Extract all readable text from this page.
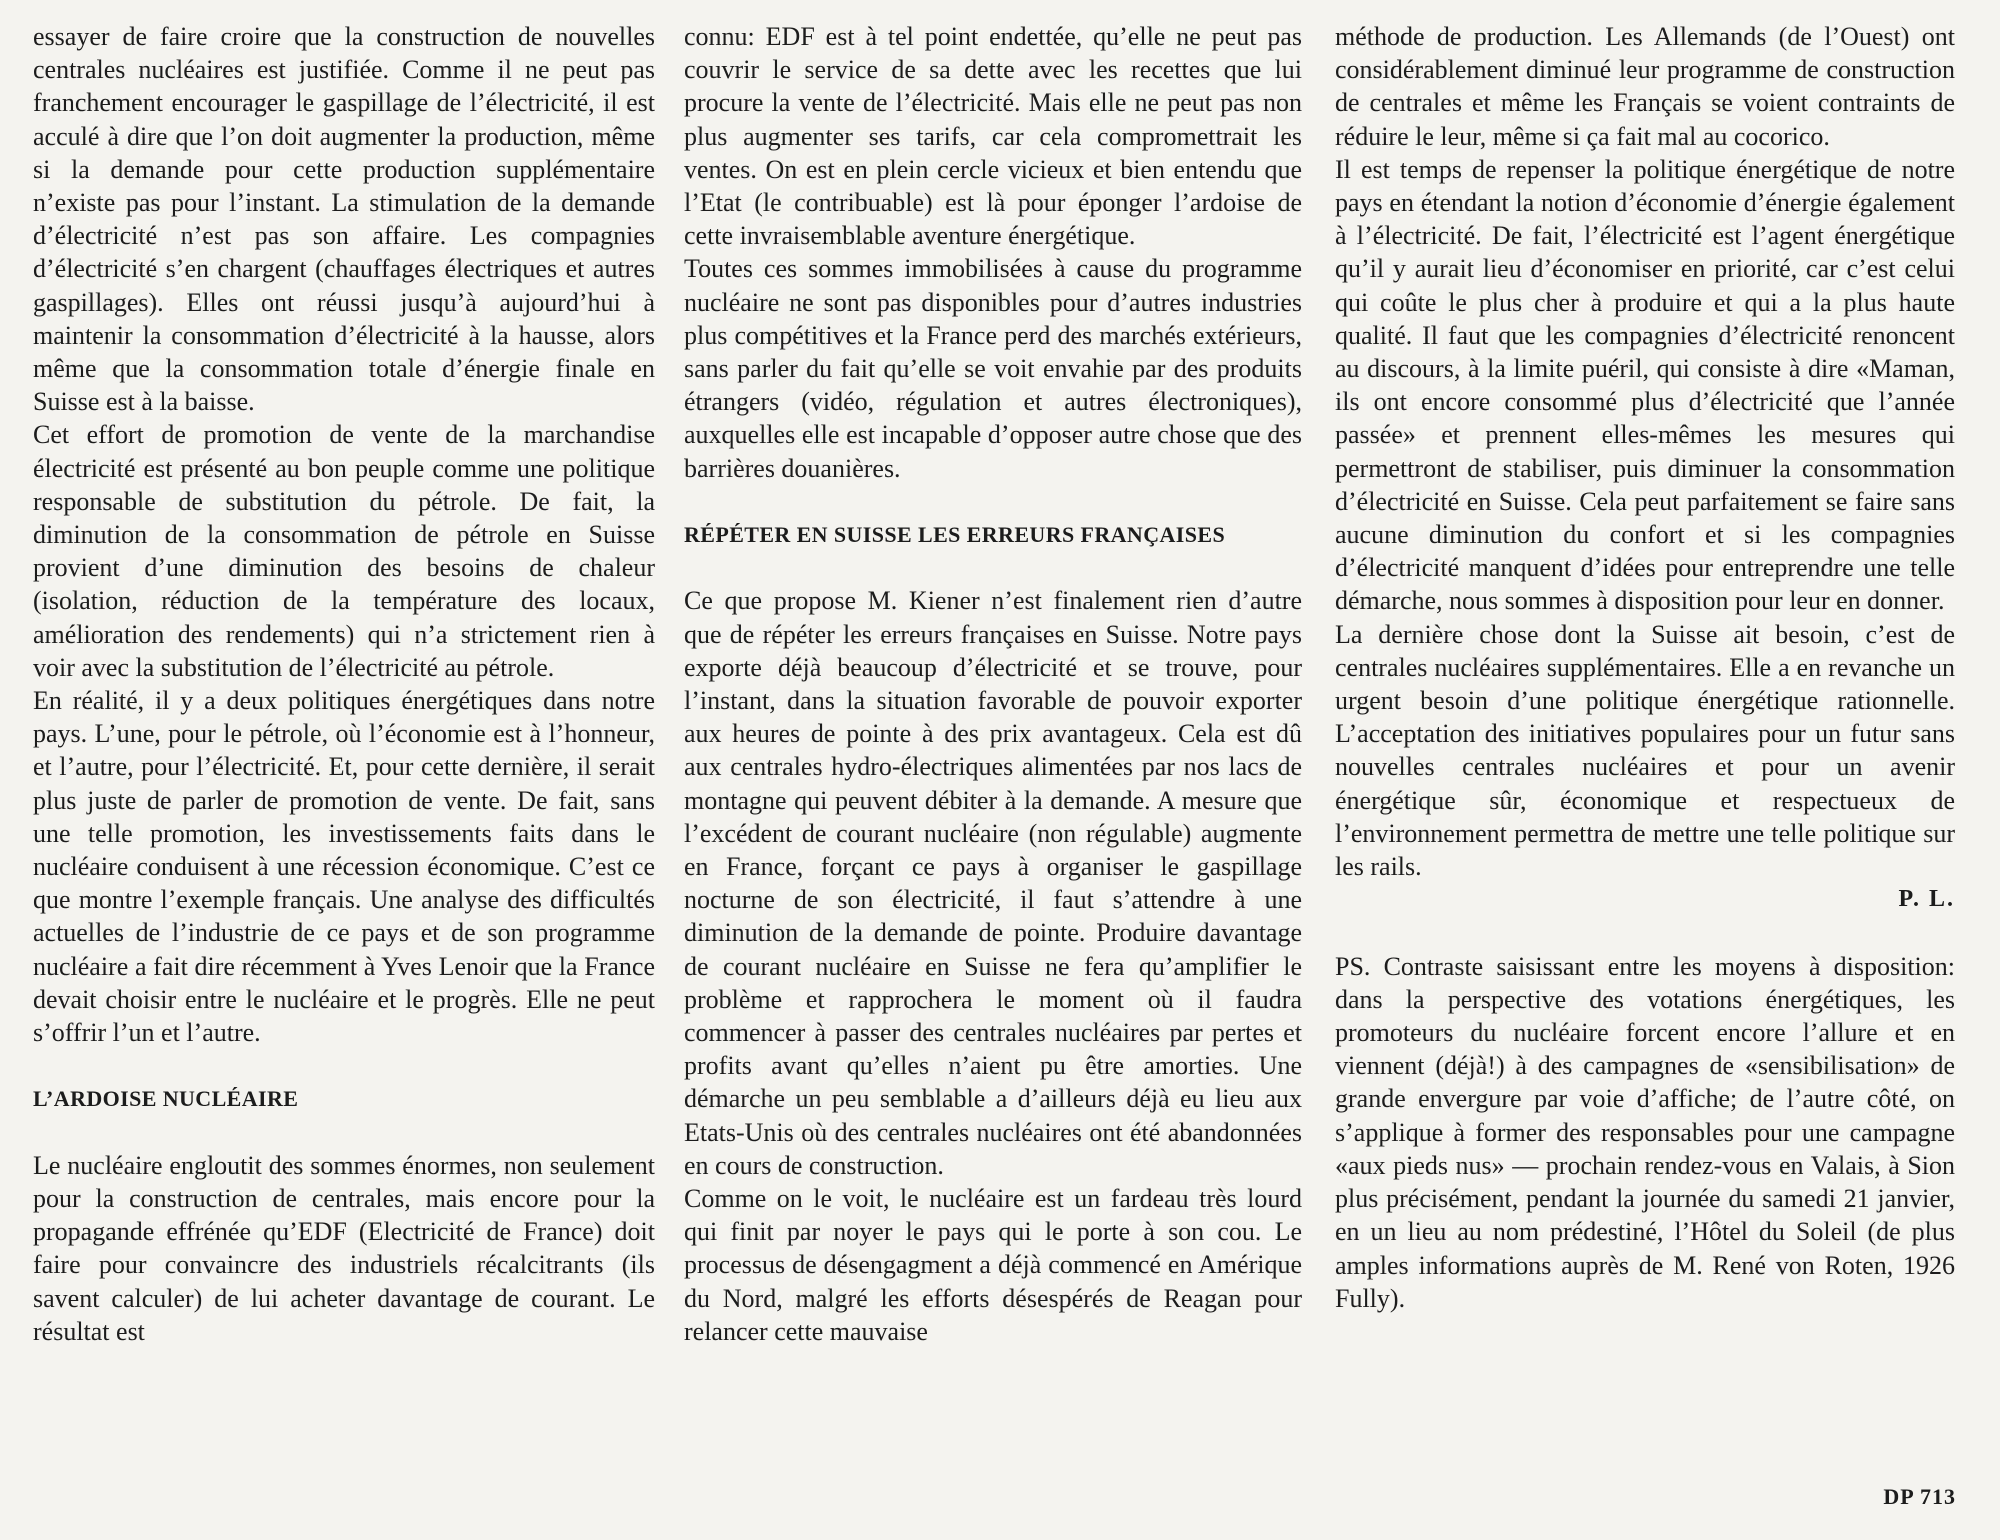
essayer de faire croire que la construction de nouvelles centrales nucléaires est justifiée. Comme il ne peut pas franchement encourager le gaspillage de l’électricité, il est acculé à dire que l’on doit augmenter la production, même si la demande pour cette production supplémentaire n’existe pas pour l’instant. La stimulation de la demande d’électricité n’est pas son affaire. Les compagnies d’électricité s’en chargent (chauffages électriques et autres gaspillages). Elles ont réussi jusqu’à aujourd’hui à maintenir la consommation d’électricité à la hausse, alors même que la consommation totale d’énergie finale en Suisse est à la baisse.

Cet effort de promotion de vente de la marchandise électricité est présenté au bon peuple comme une politique responsable de substitution du pétrole. De fait, la diminution de la consommation de pétrole en Suisse provient d’une diminution des besoins de chaleur (isolation, réduction de la température des locaux, amélioration des rendements) qui n’a strictement rien à voir avec la substitution de l’électricité au pétrole.

En réalité, il y a deux politiques énergétiques dans notre pays. L’une, pour le pétrole, où l’économie est à l’honneur, et l’autre, pour l’électricité. Et, pour cette dernière, il serait plus juste de parler de promotion de vente. De fait, sans une telle promotion, les investissements faits dans le nucléaire conduisent à une récession économique. C’est ce que montre l’exemple français. Une analyse des difficultés actuelles de l’industrie de ce pays et de son programme nucléaire a fait dire récemment à Yves Lenoir que la France devait choisir entre le nucléaire et le progrès. Elle ne peut s’offrir l’un et l’autre.

L’ARDOISE NUCLÉAIRE

Le nucléaire engloutit des sommes énormes, non seulement pour la construction de centrales, mais encore pour la propagande effrénée qu’EDF (Electricité de France) doit faire pour convaincre des industriels récalcitrants (ils savent calculer) de lui acheter davantage de courant. Le résultat est

connu: EDF est à tel point endettée, qu’elle ne peut pas couvrir le service de sa dette avec les recettes que lui procure la vente de l’électricité. Mais elle ne peut pas non plus augmenter ses tarifs, car cela compromettrait les ventes. On est en plein cercle vicieux et bien entendu que l’Etat (le contribuable) est là pour éponger l’ardoise de cette invraisemblable aventure énergétique.

Toutes ces sommes immobilisées à cause du programme nucléaire ne sont pas disponibles pour d’autres industries plus compétitives et la France perd des marchés extérieurs, sans parler du fait qu’elle se voit envahie par des produits étrangers (vidéo, régulation et autres électroniques), auxquelles elle est incapable d’opposer autre chose que des barrières douanières.

RÉPÉTER EN SUISSE LES ERREURS FRANÇAISES

Ce que propose M. Kiener n’est finalement rien d’autre que de répéter les erreurs françaises en Suisse. Notre pays exporte déjà beaucoup d’électricité et se trouve, pour l’instant, dans la situation favorable de pouvoir exporter aux heures de pointe à des prix avantageux. Cela est dû aux centrales hydro-électriques alimentées par nos lacs de montagne qui peuvent débiter à la demande. A mesure que l’excédent de courant nucléaire (non régulable) augmente en France, forçant ce pays à organiser le gaspillage nocturne de son électricité, il faut s’attendre à une diminution de la demande de pointe. Produire davantage de courant nucléaire en Suisse ne fera qu’amplifier le problème et rapprochera le moment où il faudra commencer à passer des centrales nucléaires par pertes et profits avant qu’elles n’aient pu être amorties. Une démarche un peu semblable a d’ailleurs déjà eu lieu aux Etats-Unis où des centrales nucléaires ont été abandonnées en cours de construction.

Comme on le voit, le nucléaire est un fardeau très lourd qui finit par noyer le pays qui le porte à son cou. Le processus de désengagment a déjà commencé en Amérique du Nord, malgré les efforts désespérés de Reagan pour relancer cette mauvaise

méthode de production. Les Allemands (de l’Ouest) ont considérablement diminué leur programme de construction de centrales et même les Français se voient contraints de réduire le leur, même si ça fait mal au cocorico.

Il est temps de repenser la politique énergétique de notre pays en étendant la notion d’économie d’énergie également à l’électricité. De fait, l’électricité est l’agent énergétique qu’il y aurait lieu d’économiser en priorité, car c’est celui qui coûte le plus cher à produire et qui a la plus haute qualité. Il faut que les compagnies d’électricité renoncent au discours, à la limite puéril, qui consiste à dire «Maman, ils ont encore consommé plus d’électricité que l’année passée» et prennent elles-mêmes les mesures qui permettront de stabiliser, puis diminuer la consommation d’électricité en Suisse. Cela peut parfaitement se faire sans aucune diminution du confort et si les compagnies d’électricité manquent d’idées pour entreprendre une telle démarche, nous sommes à disposition pour leur en donner.

La dernière chose dont la Suisse ait besoin, c’est de centrales nucléaires supplémentaires. Elle a en revanche un urgent besoin d’une politique énergétique rationnelle. L’acceptation des initiatives populaires pour un futur sans nouvelles centrales nucléaires et pour un avenir énergétique sûr, économique et respectueux de l’environnement permettra de mettre une telle politique sur les rails.

P. L.

PS. Contraste saisissant entre les moyens à disposition: dans la perspective des votations énergétiques, les promoteurs du nucléaire forcent encore l’allure et en viennent (déjà!) à des campagnes de «sensibilisation» de grande envergure par voie d’affiche; de l’autre côté, on s’applique à former des responsables pour une campagne «aux pieds nus» — prochain rendez-vous en Valais, à Sion plus précisément, pendant la journée du samedi 21 janvier, en un lieu au nom prédestiné, l’Hôtel du Soleil (de plus amples informations auprès de M. René von Roten, 1926 Fully).

DP 713
